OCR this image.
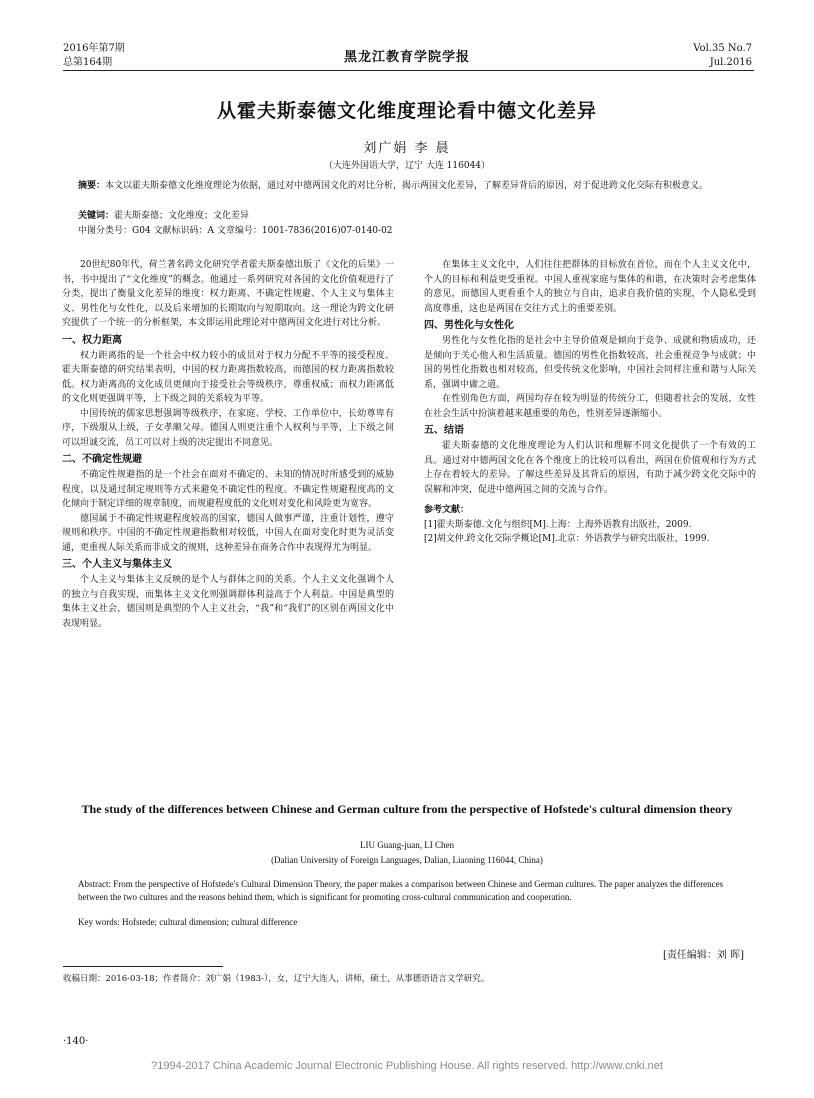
2016年第7期
总第164期	黑龙江教育学院学报
Vol.35 No.7
Jul.2016
从霍夫斯泰德文化维度理论看中德文化差异
刘广娟 李 晨
（大连外国语大学，辽宁 大连 116044）
摘要：本文以霍夫斯泰德文化维度理论为依据，通过对中德两国文化的对比分析，揭示两国文化差异，了解差异背后的原因，对于促进跨文化交际有积极意义。
关键词：霍夫斯泰德；文化维度；文化差异
中图分类号：G04 文献标识码：A 文章编号：1001-7836(2016)07-0140-02

20世纪80年代，荷兰著名跨文化研究学者霍夫斯泰德出版了《文化的后果》一书，书中提出了“文化维度”的概念。他通过一系列研究对各国的文化价值观进行了分类，提出了衡量文化差异的维度：权力距离、不确定性规避、个人主义与集体主义、男性化与女性化，以及后来增加的长期取向与短期取向。这一理论为跨文化研究提供了一个统一的分析框架，本文即运用此理论对中德两国文化进行对比分析。

一、权力距离

权力距离指的是一个社会中权力较小的成员对于权力分配不平等的接受程度。霍夫斯泰德的研究结果表明，中国的权力距离指数较高，而德国的权力距离指数较低。权力距离高的文化成员更倾向于接受社会等级秩序，尊重权威；而权力距离低的文化则更强调平等，上下级之间的关系较为平等。

中国传统的儒家思想强调等级秩序，在家庭、学校、工作单位中，长幼尊卑有序，下级服从上级，子女孝顺父母。德国人则更注重个人权利与平等，上下级之间可以坦诚交流，员工可以对上级的决定提出不同意见。

二、不确定性规避

不确定性规避指的是一个社会在面对不确定的、未知的情况时所感受到的威胁程度，以及通过制定规则等方式来避免不确定性的程度。不确定性规避程度高的文化倾向于制定详细的规章制度，而规避程度低的文化则对变化和风险更为宽容。

德国属于不确定性规避程度较高的国家，德国人做事严谨，注重计划性，遵守规则和秩序。中国的不确定性规避指数相对较低，中国人在面对变化时更为灵活变通，更重视人际关系而非成文的规则，这种差异在商务合作中表现得尤为明显。

三、个人主义与集体主义

个人主义与集体主义反映的是个人与群体之间的关系。个人主义文化强调个人的独立与自我实现，而集体主义文化则强调群体利益高于个人利益。中国是典型的集体主义社会，德国则是典型的个人主义社会，“我”和“我们”的区别在两国文化中表现明显。

在集体主义文化中，人们往往把群体的目标放在首位，而在个人主义文化中，个人的目标和利益更受重视。中国人重视家庭与集体的和谐，在决策时会考虑集体的意见，而德国人更看重个人的独立与自由，追求自我价值的实现，个人隐私受到高度尊重，这也是两国在交往方式上的重要差别。

四、男性化与女性化

男性化与女性化指的是社会中主导价值观是倾向于竞争、成就和物质成功，还是倾向于关心他人和生活质量。德国的男性化指数较高，社会重视竞争与成就；中国的男性化指数也相对较高，但受传统文化影响，中国社会同样注重和谐与人际关系，强调中庸之道。

在性别角色方面，两国均存在较为明显的传统分工，但随着社会的发展，女性在社会生活中扮演着越来越重要的角色，性别差异逐渐缩小。

五、结语

霍夫斯泰德的文化维度理论为人们认识和理解不同文化提供了一个有效的工具。通过对中德两国文化在各个维度上的比较可以看出，两国在价值观和行为方式上存在着较大的差异。了解这些差异及其背后的原因，有助于减少跨文化交际中的误解和冲突，促进中德两国之间的交流与合作。

参考文献：

[1]霍夫斯泰德.文化与组织[M].上海：上海外语教育出版社，2009.

[2]胡文仲.跨文化交际学概论[M].北京：外语教学与研究出版社，1999.

The study of the differences between Chinese and German culture from the perspective of Hofstede's cultural dimension theory
LIU Guang-juan, LI Chen
(Dalian University of Foreign Languages, Dalian, Liaoning 116044, China)
Abstract: From the perspective of Hofstede's Cultural Dimension Theory, the paper makes a comparison between Chinese and German cultures. The paper analyzes the differences between the two cultures and the reasons behind them, which is significant for promoting cross-cultural communication and cooperation.
Key words: Hofstede; cultural dimension; cultural difference
[责任编辑：刘 晖]
收稿日期：2016-03-18；作者简介：刘广娟（1983-），女，辽宁大连人，讲师，硕士，从事德语语言文学研究。
·140·
?1994-2017 China Academic Journal Electronic Publishing House. All rights reserved. http://www.cnki.net
